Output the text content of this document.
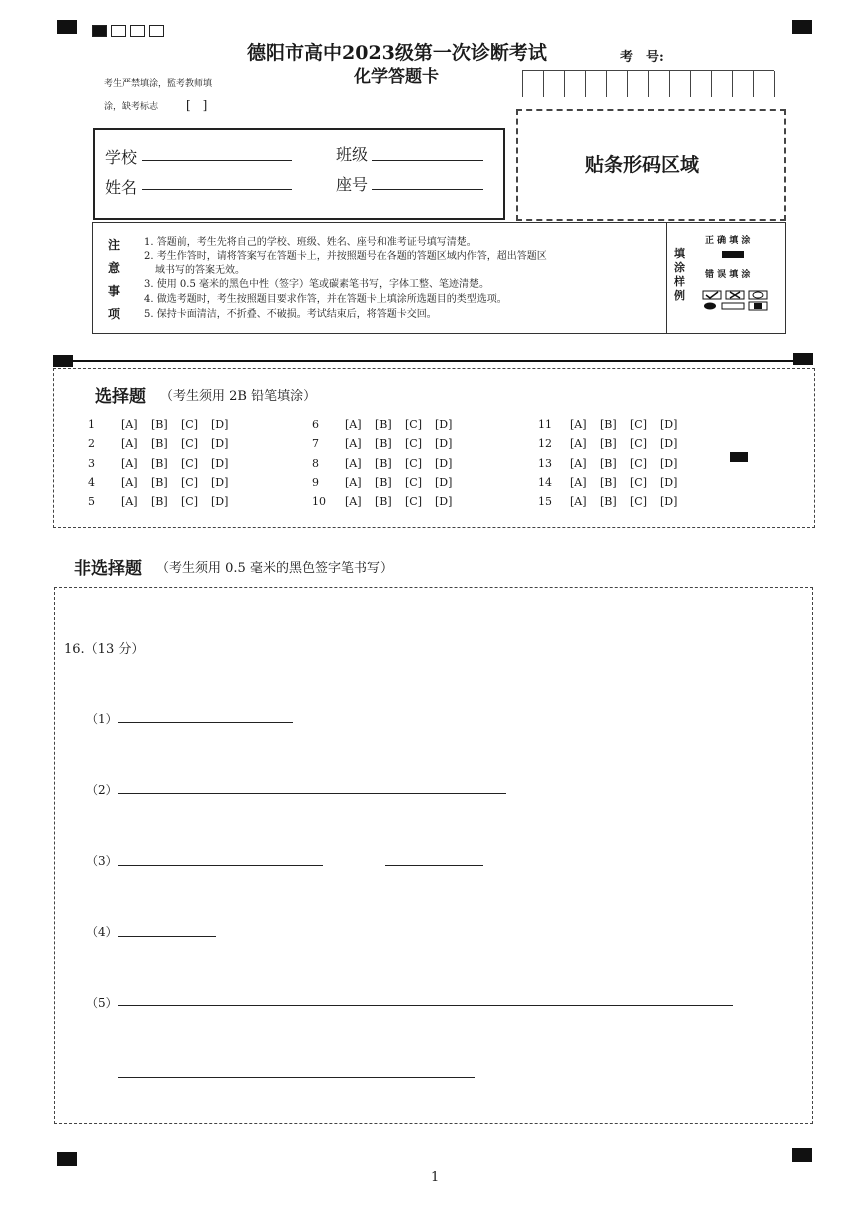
德阳市高中2023级第一次诊断考试
化学答题卡
考　号:
考生严禁填涂，監考教师填
涂，缺考标志 [　]
学校	班级
姓名	座号
贴条形码区域
注
意
事
项
1. 答题前，考生先将自己的学校、班级、姓名、座号和准考证号填写清楚。
2. 考生作答时，请将答案写在答题卡上，并按照题号在各题的答题区域内作答，超出答题区
域书写的答案无效。
3. 使用 0.5 毫米的黑色中性（签字）笔或碳素笔书写，字体工整、笔迹清楚。
4. 做选考题时，考生按照题目要求作答，并在答题卡上填涂所选题目的类型选项。
5. 保持卡面清洁，不折叠、不破损。考试结束后，将答题卡交回。
填
涂
样
例
正 确 填 涂
错 误 填 涂
选择题 （考生须用 2B 铅笔填涂）
1 [A] [B] [C] [D]
2 [A] [B] [C] [D]
3 [A] [B] [C] [D]
4 [A] [B] [C] [D]
5 [A] [B] [C] [D]
6 [A] [B] [C] [D]
7 [A] [B] [C] [D]
8 [A] [B] [C] [D]
9 [A] [B] [C] [D]
10 [A] [B] [C] [D]
11 [A] [B] [C] [D]
12 [A] [B] [C] [D]
13 [A] [B] [C] [D]
14 [A] [B] [C] [D]
15 [A] [B] [C] [D]
非选择题 （考生须用 0.5 毫米的黑色签字笔书写）
16.（13 分）
（1）
（2）
（3）
（4）
（5）
1
